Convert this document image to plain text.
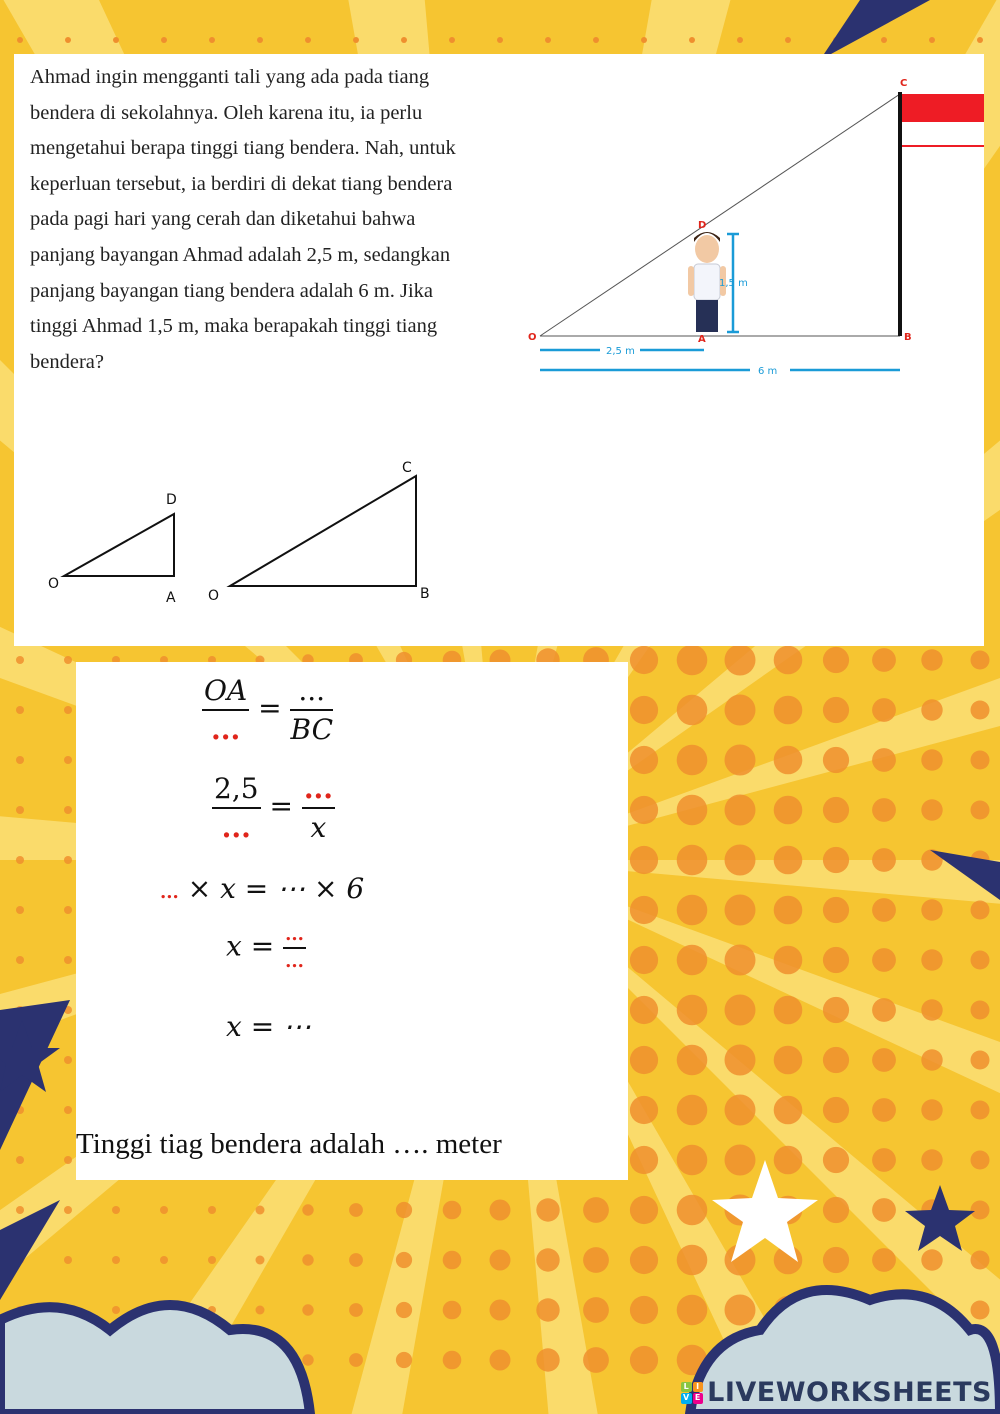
Ahmad ingin mengganti tali yang ada pada tiang bendera di sekolahnya. Oleh karena itu, ia perlu mengetahui berapa tinggi tiang bendera. Nah, untuk keperluan tersebut, ia berdiri di dekat tiang bendera pada pagi hari yang cerah dan diketahui bahwa panjang bayangan Ahmad adalah 2,5 m, sedangkan panjang bayangan tiang bendera adalah 6 m. Jika tinggi Ahmad 1,5 m, maka berapakah tinggi tiang bendera?

1,5 m
2,5 m
6 m
C
D
O	A	B
D
O
A
C
O	B
$\frac{OA}{...} = \frac{...}{BC}$
$\frac{2,5}{...} = \frac{...}{x}$
... × x = ⋯ × 6
$x = \frac{...}{...}$
x = ⋯
Tinggi tiag bendera adalah …. meter
L I
V E LIVEWORKSHEETS
